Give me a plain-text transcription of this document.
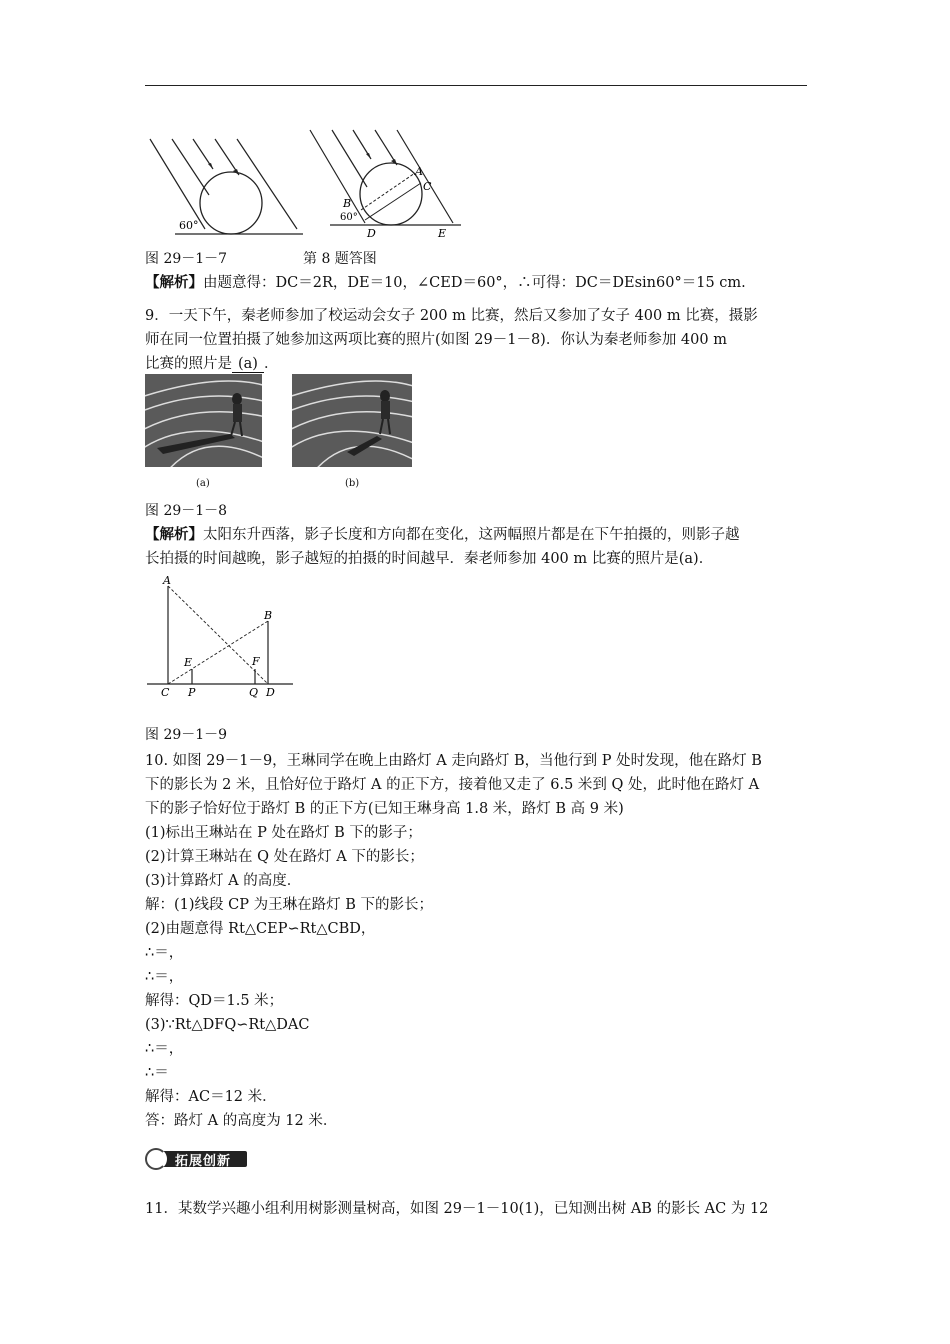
60°
A
C
B
60°
D	E
图 29－1－7	第 8 题答图
【解析】由题意得：DC＝2R，DE＝10，∠CED＝60°，∴可得：DC＝DEsin60°＝15 cm.
9．一天下午，秦老师参加了校运动会女子 200 m 比赛，然后又参加了女子 400 m 比赛，摄影
师在同一位置拍摄了她参加这两项比赛的照片(如图 29－1－8)．你认为秦老师参加 400 m
比赛的照片是 (a) ．
(a)	(b)
图 29－1－8
【解析】太阳东升西落，影子长度和方向都在变化，这两幅照片都是在下午拍摄的，则影子越
长拍摄的时间越晚，影子越短的拍摄的时间越早．秦老师参加 400 m 比赛的照片是(a)．
A
B
E	F
C P	Q D
图 29－1－9
10. 如图 29－1－9，王琳同学在晚上由路灯 A 走向路灯 B，当他行到 P 处时发现，他在路灯 B
下的影长为 2 米，且恰好位于路灯 A 的正下方，接着他又走了 6.5 米到 Q 处，此时他在路灯 A
下的影子恰好位于路灯 B 的正下方(已知王琳身高 1.8 米，路灯 B 高 9 米)
(1)标出王琳站在 P 处在路灯 B 下的影子；
(2)计算王琳站在 Q 处在路灯 A 下的影长；
(3)计算路灯 A 的高度．
解：(1)线段 CP 为王琳在路灯 B 下的影长；
(2)由题意得 Rt△CEP∽Rt△CBD，
∴＝，
∴＝，
解得：QD＝1.5 米；
(3)∵Rt△DFQ∽Rt△DAC
∴＝，
∴＝
解得：AC＝12 米．
答：路灯 A 的高度为 12 米．
拓展创新
11．某数学兴趣小组利用树影测量树高，如图 29－1－10(1)，已知测出树 AB 的影长 AC 为 12
